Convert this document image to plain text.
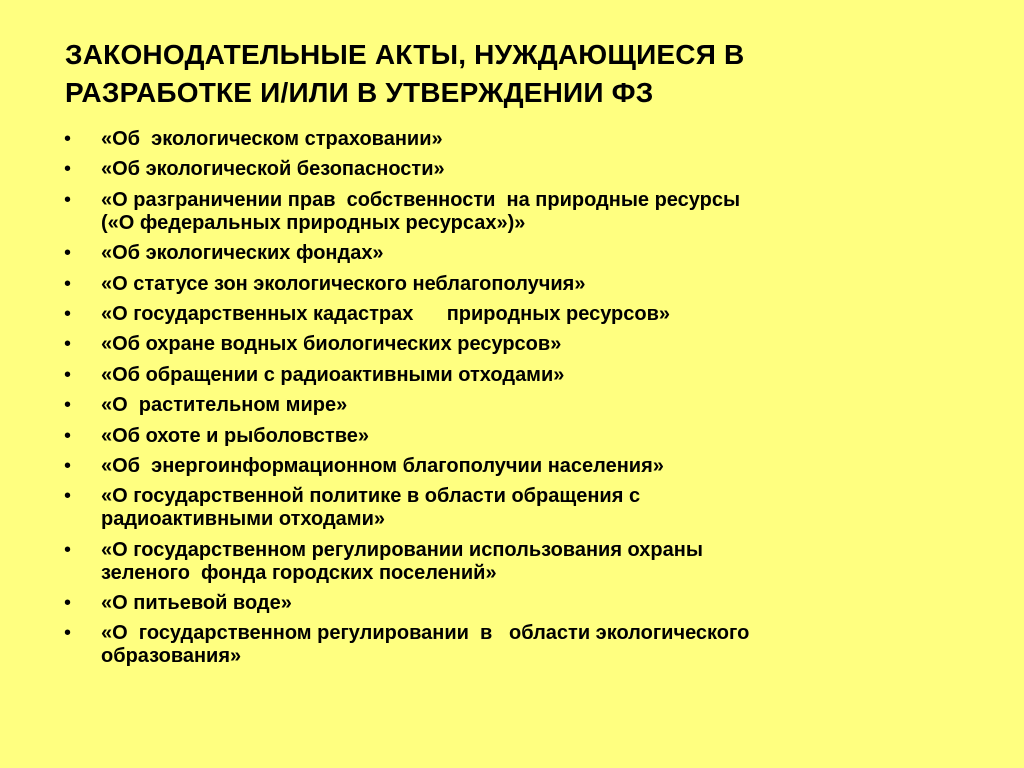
ЗАКОНОДАТЕЛЬНЫЕ АКТЫ, НУЖДАЮЩИЕСЯ В
РАЗРАБОТКЕ И/ИЛИ В УТВЕРЖДЕНИИ ФЗ
•	«Об  экологическом страховании»
•	«Об экологической безопасности»
•	«О разграничении прав  собственности  на природные ресурсы
(«О федеральных природных ресурсах»)»
•	«Об экологических фондах»
•	«О статусе зон экологического неблагополучия»
•	«О государственных кадастрах      природных ресурсов»
•	«Об охране водных биологических ресурсов»
•	«Об обращении с радиоактивными отходами»
•	«О  растительном мире»
•	«Об охоте и рыболовстве»
•	«Об  энергоинформационном благополучии населения»
•	«О государственной политике в области обращения с
радиоактивными отходами»
•	«О государственном регулировании использования охраны
зеленого  фонда городских поселений»
•	«О питьевой воде»
•	«О  государственном регулировании  в   области экологического
образования»
